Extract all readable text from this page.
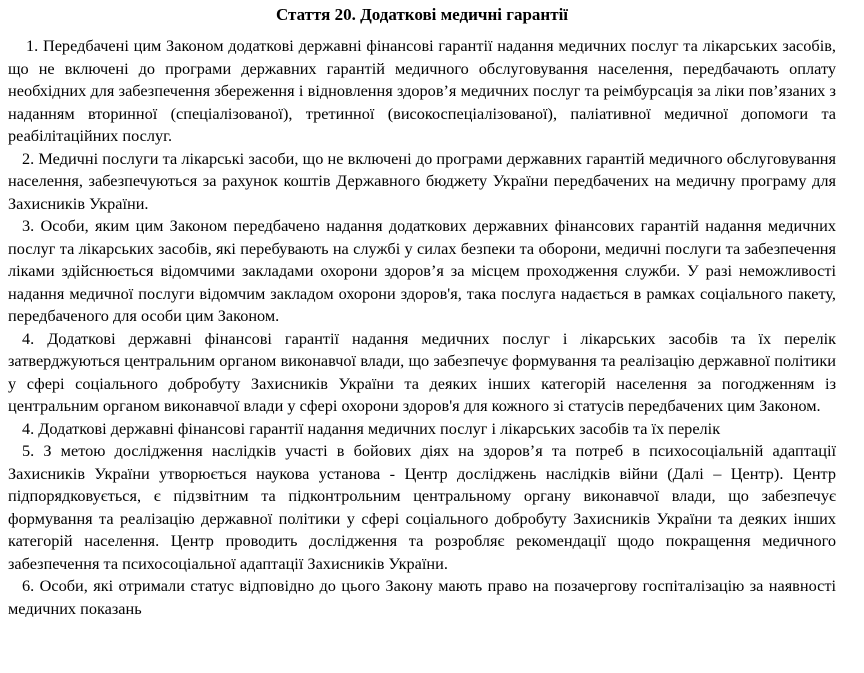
Стаття 20. Додаткові медичні гарантії

1. Передбачені цим Законом додаткові державні фінансові гарантії надання медичних послуг та лікарських засобів, що не включені до програми державних гарантій медичного обслуговування населення, передбачають оплату необхідних для забезпечення збереження і відновлення здоров’я медичних послуг та реімбурсація за ліки пов’язаних з наданням вторинної (спеціалізованої), третинної (високоспеціалізованої), паліативної медичної допомоги та реабілітаційних послуг.

2. Медичні послуги та лікарські засоби, що не включені до програми державних гарантій медичного обслуговування населення, забезпечуються за рахунок коштів Державного бюджету України передбачених на медичну програму для Захисників України.

3. Особи, яким цим Законом передбачено надання додаткових державних фінансових гарантій надання медичних послуг та лікарських засобів, які перебувають на службі у силах безпеки та оборони, медичні послуги та забезпечення ліками здійснюється відомчими закладами охорони здоров’я за місцем проходження служби. У разі неможливості надання медичної послуги відомчим закладом охорони здоров'я, така послуга надається в рамках соціального пакету, передбаченого для особи цим Законом.

4. Додаткові державні фінансові гарантії надання медичних послуг і лікарських засобів та їх перелік затверджуються центральним органом виконавчої влади, що забезпечує формування та реалізацію державної політики у сфері соціального добробуту Захисників України та деяких інших категорій населення за погодженням із центральним органом виконавчої влади у сфері охорони здоров'я для кожного зі статусів передбачених цим Законом.

4. Додаткові державні фінансові гарантії надання медичних послуг і лікарських засобів та їх перелік

5. З метою дослідження наслідків участі в бойових діях на здоров’я та потреб в психосоціальній адаптації Захисників України утворюється наукова установа - Центр досліджень наслідків війни (Далі – Центр). Центр підпорядковується, є підзвітним та підконтрольним центральному органу виконавчої влади, що забезпечує формування та реалізацію державної політики у сфері соціального добробуту Захисників України та деяких інших категорій населення. Центр проводить дослідження та розробляє рекомендації щодо покращення медичного забезпечення та психосоціальної адаптації Захисників України.

6. Особи, які отримали статус відповідно до цього Закону мають право на позачергову госпіталізацію за наявності медичних показань
